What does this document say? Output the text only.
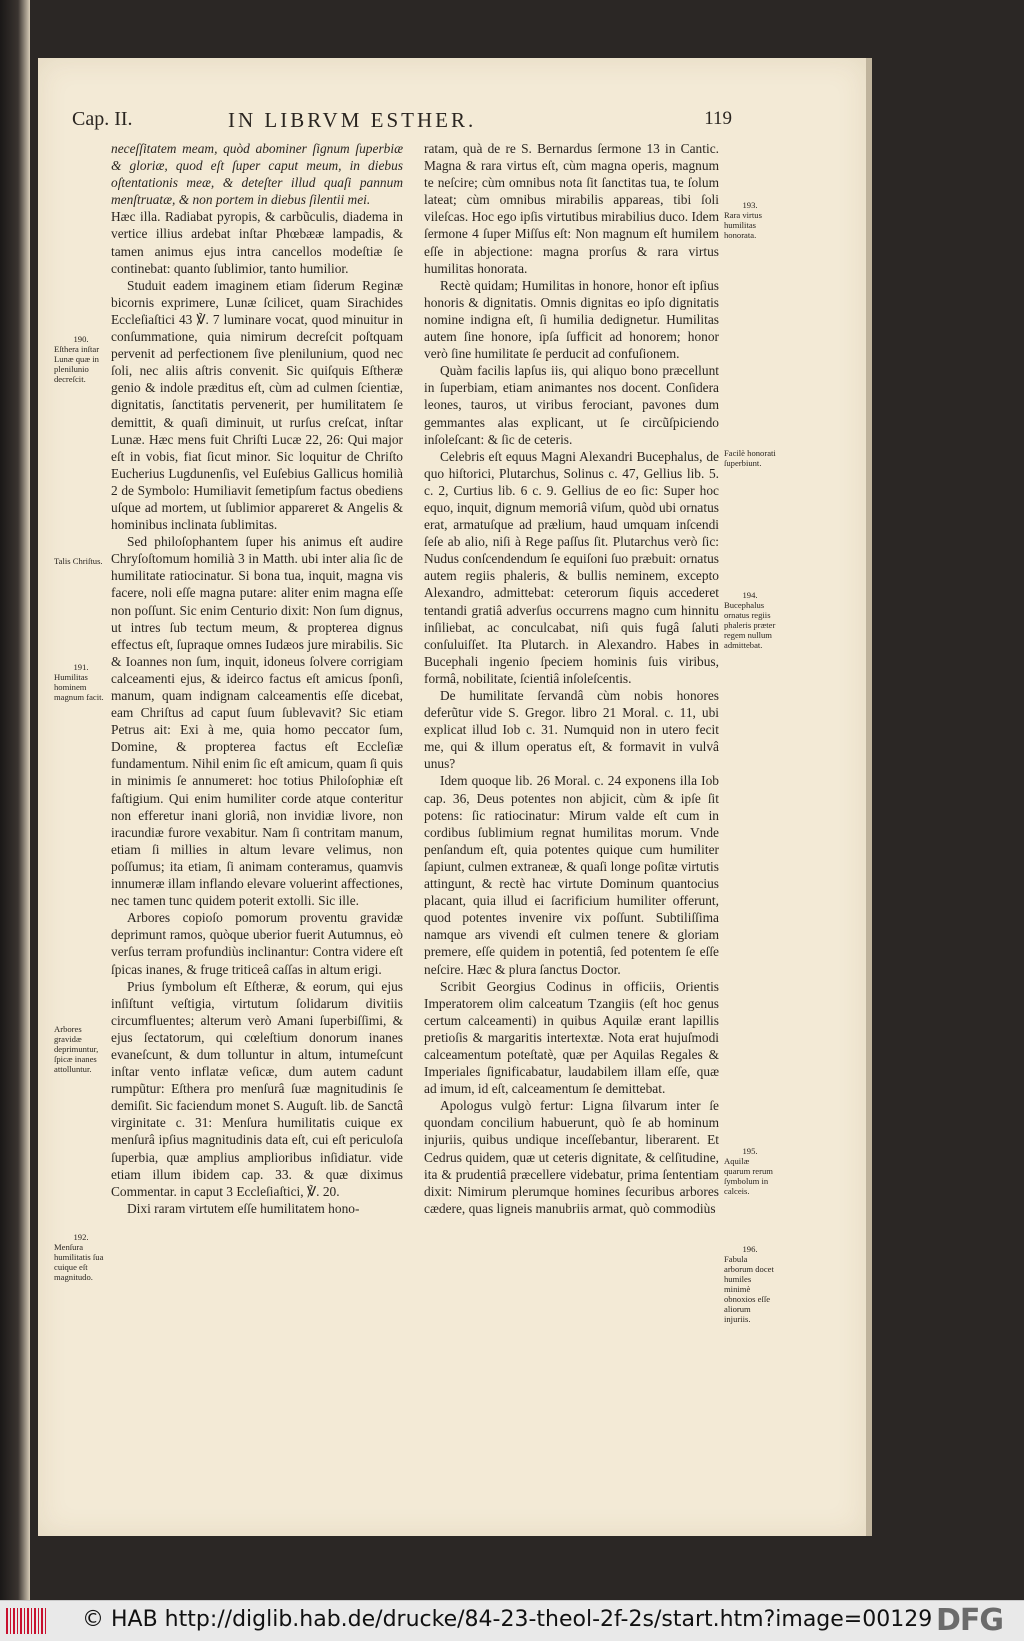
Cap. II.	IN LIBRVM ESTHER.	119

neceſſitatem meam, quòd abominer ſignum ſuperbiæ & gloriæ, quod eſt ſuper caput meum, in diebus oſtentationis meæ, & deteſter illud quaſi pannum menſtruatæ, & non portem in diebus ſilentii mei.

Hæc illa. Radiabat pyropis, & carbũculis, diadema in vertice illius ardebat inſtar Phœbææ lampadis, & tamen animus ejus intra cancellos modeſtiæ ſe continebat: quanto ſublimior, tanto humilior.

Studuit eadem imaginem etiam ſiderum Reginæ bicornis exprimere, Lunæ ſcilicet, quam Sirachides Eccleſiaſtici 43 ℣. 7 luminare vocat, quod minuitur in conſummatione, quia nimirum decreſcit poſtquam pervenit ad perfectionem ſive plenilunium, quod nec ſoli, nec aliis aſtris convenit. Sic quiſquis Eſtheræ genio & indole præditus eſt, cùm ad culmen ſcientiæ, dignitatis, ſanctitatis pervenerit, per humilitatem ſe demittit, & quaſi diminuit, ut rurſus creſcat, inſtar Lunæ. Hæc mens fuit Chriſti Lucæ 22, 26: Qui major eſt in vobis, fiat ſicut minor. Sic loquitur de Chriſto Eucherius Lugdunenſis, vel Euſebius Gallicus homilià 2 de Symbolo: Humiliavit ſemetipſum factus obediens uſque ad mortem, ut ſublimior appareret & Angelis & hominibus inclinata ſublimitas.

Sed philoſophantem ſuper his animus eſt audire Chryſoſtomum homilià 3 in Matth. ubi inter alia ſic de humilitate ratiocinatur. Si bona tua, inquit, magna vis facere, noli eſſe magna putare: aliter enim magna eſſe non poſſunt. Sic enim Centurio dixit: Non ſum dignus, ut intres ſub tectum meum, & propterea dignus effectus eſt, ſupraque omnes Iudæos jure mirabilis. Sic & Ioannes non ſum, inquit, idoneus ſolvere corrigiam calceamenti ejus, & ideirco factus eſt amicus ſponſi, manum, quam indignam calceamentis eſſe dicebat, eam Chriſtus ad caput ſuum ſublevavit? Sic etiam Petrus ait: Exi à me, quia homo peccator ſum, Domine, & propterea factus eſt Eccleſiæ fundamentum. Nihil enim ſic eſt amicum, quam ſi quis in minimis ſe annumeret: hoc totius Philoſophiæ eſt faſtigium. Qui enim humiliter corde atque conteritur non efferetur inani gloriâ, non invidiæ livore, non iracundiæ furore vexabitur. Nam ſi contritam manum, etiam ſi millies in altum levare velimus, non poſſumus; ita etiam, ſi animam conteramus, quamvis innumeræ illam inflando elevare voluerint affectiones, nec tamen tunc quidem poterit extolli. Sic ille.

Arbores copioſo pomorum proventu gravidæ deprimunt ramos, quòque uberior fuerit Autumnus, eò verſus terram profundiùs inclinantur: Contra videre eſt ſpicas inanes, & fruge triticeâ caſſas in altum erigi.

Prius ſymbolum eſt Eſtheræ, & eorum, qui ejus inſiſtunt veſtigia, virtutum ſolidarum divitiis circumfluentes; alterum verò Amani ſuperbiſſimi, & ejus ſectatorum, qui cœleſtium donorum inanes evaneſcunt, & dum tolluntur in altum, intumeſcunt inſtar vento inflatæ veſicæ, dum autem cadunt rumpũtur: Eſthera pro menſurâ ſuæ magnitudinis ſe demiſit. Sic faciendum monet S. Auguſt. lib. de Sanctâ virginitate c. 31: Menſura humilitatis cuique ex menſurâ ipſius magnitudinis data eſt, cui eſt periculoſa ſuperbia, quæ amplius amplioribus inſidiatur. vide etiam illum ibidem cap. 33. & quæ diximus Commentar. in caput 3 Eccleſiaſtici, ℣. 20.

Dixi raram virtutem eſſe humilitatem hono-

ratam, quà de re S. Bernardus ſermone 13 in Cantic. Magna & rara virtus eſt, cùm magna operis, magnum te neſcire; cùm omnibus nota ſit ſanctitas tua, te ſolum lateat; cùm omnibus mirabilis appareas, tibi ſoli vileſcas. Hoc ego ipſis virtutibus mirabilius duco. Idem ſermone 4 ſuper Miſſus eſt: Non magnum eſt humilem eſſe in abjectione: magna prorſus & rara virtus humilitas honorata.

Rectè quidam; Humilitas in honore, honor eſt ipſius honoris & dignitatis. Omnis dignitas eo ipſo dignitatis nomine indigna eſt, ſi humilia dedignetur. Humilitas autem ſine honore, ipſa ſufficit ad honorem; honor verò ſine humilitate ſe perducit ad confuſionem.

Quàm facilis lapſus iis, qui aliquo bono præcellunt in ſuperbiam, etiam animantes nos docent. Conſidera leones, tauros, ut viribus ferociant, pavones dum gemmantes alas explicant, ut ſe circũſpiciendo inſoleſcant: & ſic de ceteris.

Celebris eſt equus Magni Alexandri Bucephalus, de quo hiſtorici, Plutarchus, Solinus c. 47, Gellius lib. 5. c. 2, Curtius lib. 6 c. 9. Gellius de eo ſic: Super hoc equo, inquit, dignum memoriâ viſum, quòd ubi ornatus erat, armatuſque ad prælium, haud umquam inſcendi ſeſe ab alio, niſi à Rege paſſus ſit. Plutarchus verò ſic: Nudus conſcendendum ſe equiſoni ſuo præbuit: ornatus autem regiis phaleris, & bullis neminem, excepto Alexandro, admittebat: ceterorum ſiquis accederet tentandi gratiâ adverſus occurrens magno cum hinnitu inſiliebat, ac conculcabat, niſi quis fugâ ſaluti conſuluiſſet. Ita Plutarch. in Alexandro. Habes in Bucephali ingenio ſpeciem hominis ſuis viribus, formâ, nobilitate, ſcientiâ inſoleſcentis.

De humilitate ſervandâ cùm nobis honores deferũtur vide S. Gregor. libro 21 Moral. c. 11, ubi explicat illud Iob c. 31. Numquid non in utero fecit me, qui & illum operatus eſt, & formavit in vulvâ unus?

Idem quoque lib. 26 Moral. c. 24 exponens illa Iob cap. 36, Deus potentes non abjicit, cùm & ipſe ſit potens: ſic ratiocinatur: Mirum valde eſt cum in cordibus ſublimium regnat humilitas morum. Vnde penſandum eſt, quia potentes quique cum humiliter ſapiunt, culmen extraneæ, & quaſi longe poſitæ virtutis attingunt, & rectè hac virtute Dominum quantocius placant, quia illud ei ſacrificium humiliter offerunt, quod potentes invenire vix poſſunt. Subtiliſſima namque ars vivendi eſt culmen tenere & gloriam premere, eſſe quidem in potentiâ, ſed potentem ſe eſſe neſcire. Hæc & plura ſanctus Doctor.

Scribit Georgius Codinus in officiis, Orientis Imperatorem olim calceatum Tzangiis (eſt hoc genus certum calceamenti) in quibus Aquilæ erant lapillis pretioſis & margaritis intertextæ. Nota erat hujuſmodi calceamentum poteſtatè, quæ per Aquilas Regales & Imperiales ſignificabatur, laudabilem illam eſſe, quæ ad imum, id eſt, calceamentum ſe demittebat.

Apologus vulgò fertur: Ligna ſilvarum inter ſe quondam concilium habuerunt, quò ſe ab hominum injuriis, quibus undique inceſſebantur, liberarent. Et Cedrus quidem, quæ ut ceteris dignitate, & celſitudine, ita & prudentiâ præcellere videbatur, prima ſententiam dixit: Nimirum plerumque homines ſecuribus arbores cædere, quas ligneis manubriis armat, quò commodiùs

190.
Eſthera inſtar Lunæ quæ in plenilunio decreſcit.
Talis Chriſtus.
191.
Humilitas hominem magnum facit.
Arbores gravidæ deprimuntur, ſpicæ inanes attolluntur.
192.
Menſura humilitatis ſua cuique eſt magnitudo.
193.
Rara virtus humilitas honorata.
Facilè honorati ſuperbiunt.
194.
Bucephalus ornatus regiis phaleris præter regem nullum admittebat.
195.
Aquilæ quarum rerum ſymbolum in calceis.
196.
Fabula arborum docet humiles minimè obnoxios eſſe aliorum injuriis.
© HAB http://diglib.hab.de/drucke/84-23-theol-2f-2s/start.htm?image=00129 DFG
